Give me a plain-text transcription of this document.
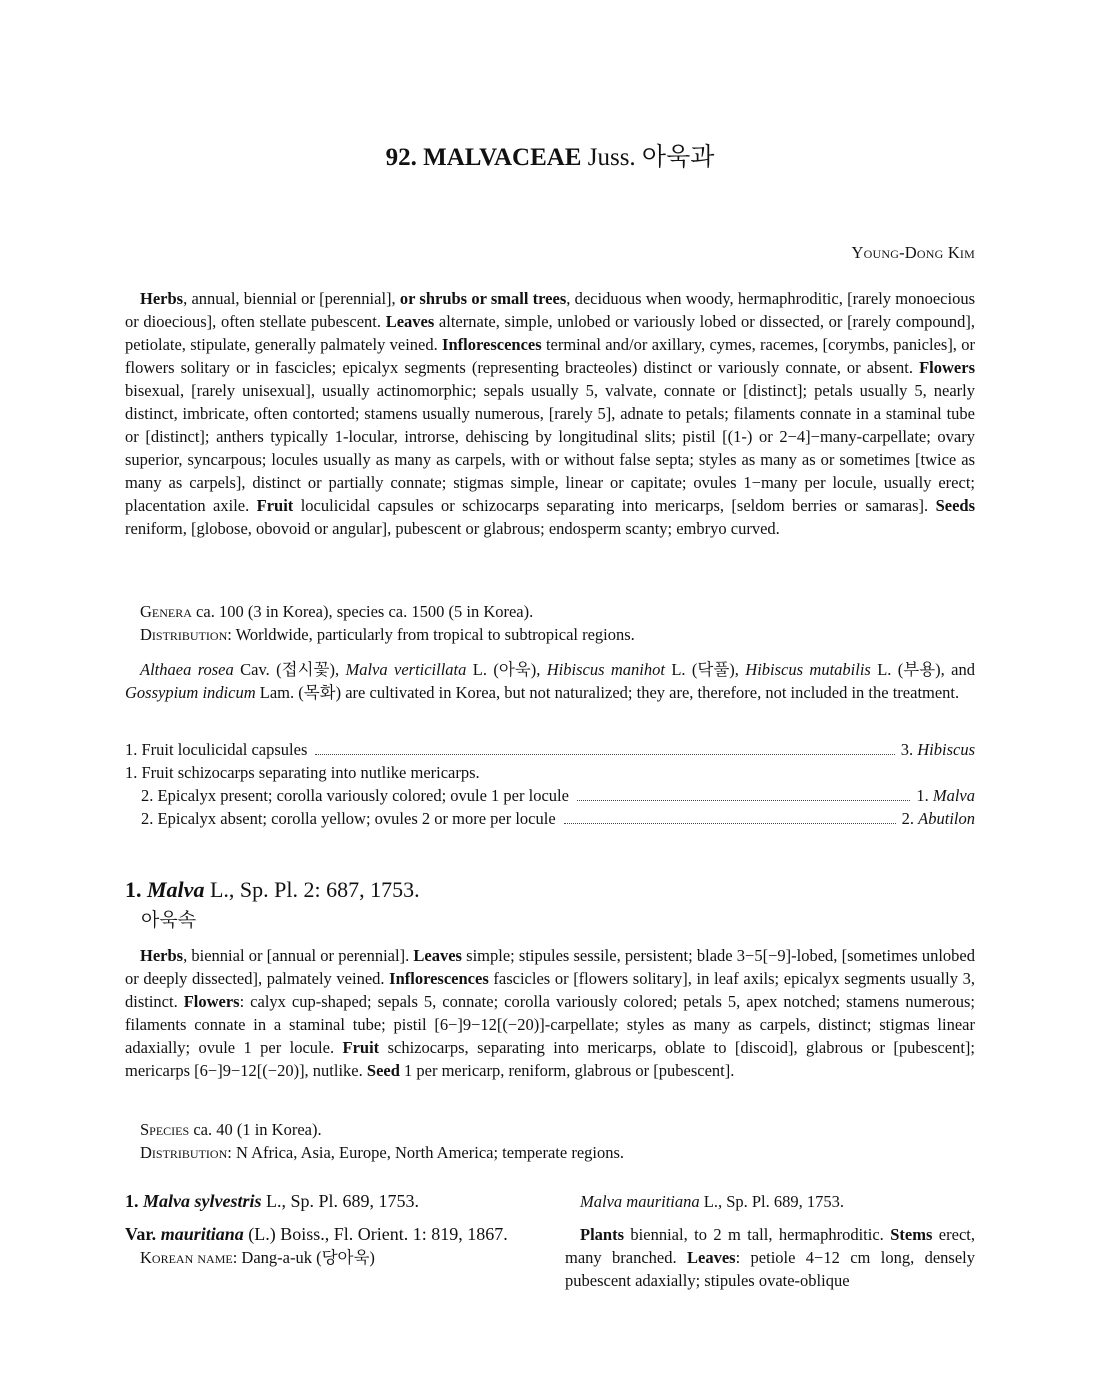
92. MALVACEAE Juss. 아욱과
Young-Dong Kim

Herbs, annual, biennial or [perennial], or shrubs or small trees, deciduous when woody, hermaphroditic, [rarely monoecious or dioecious], often stellate pubescent. Leaves alternate, simple, unlobed or variously lobed or dissected, or [rarely compound], petiolate, stipulate, generally palmately veined. Inflorescences terminal and/or axillary, cymes, racemes, [corymbs, panicles], or flowers solitary or in fascicles; epicalyx segments (representing bracteoles) distinct or variously connate, or absent. Flowers bisexual, [rarely unisexual], usually actinomorphic; sepals usually 5, valvate, connate or [distinct]; petals usually 5, nearly distinct, imbricate, often contorted; stamens usually numerous, [rarely 5], adnate to petals; filaments connate in a staminal tube or [distinct]; anthers typically 1-locular, introrse, dehiscing by longitudinal slits; pistil [(1-) or 2−4]−many-carpellate; ovary superior, syncarpous; locules usually as many as carpels, with or without false septa; styles as many as or sometimes [twice as many as carpels], distinct or partially connate; stigmas simple, linear or capitate; ovules 1−many per locule, usually erect; placentation axile. Fruit loculicidal capsules or schizocarps separating into mericarps, [seldom berries or samaras]. Seeds reniform, [globose, obovoid or angular], pubescent or glabrous; endosperm scanty; embryo curved.

Genera ca. 100 (3 in Korea), species ca. 1500 (5 in Korea).
Distribution: Worldwide, particularly from tropical to subtropical regions.

Althaea rosea Cav. (접시꽃), Malva verticillata L. (아욱), Hibiscus manihot L. (닥풀), Hibiscus mutabilis L. (부용), and Gossypium indicum Lam. (목화) are cultivated in Korea, but not naturalized; they are, therefore, not included in the treatment.

1. Fruit loculicidal capsules	3. Hibiscus
1. Fruit schizocarps separating into nutlike mericarps.
2. Epicalyx present; corolla variously colored; ovule 1 per locule	1. Malva
2. Epicalyx absent; corolla yellow; ovules 2 or more per locule	2. Abutilon
1. Malva L., Sp. Pl. 2: 687, 1753.
아욱속

Herbs, biennial or [annual or perennial]. Leaves simple; stipules sessile, persistent; blade 3−5[−9]-lobed, [sometimes unlobed or deeply dissected], palmately veined. Inflorescences fascicles or [flowers solitary], in leaf axils; epicalyx segments usually 3, distinct. Flowers: calyx cup-shaped; sepals 5, connate; corolla variously colored; petals 5, apex notched; stamens numerous; filaments connate in a staminal tube; pistil [6−]9−12[(−20)]-carpellate; styles as many as carpels, distinct; stigmas linear adaxially; ovule 1 per locule. Fruit schizocarps, separating into mericarps, oblate to [discoid], glabrous or [pubescent]; mericarps [6−]9−12[(−20)], nutlike. Seed 1 per mericarp, reniform, glabrous or [pubescent].

Species ca. 40 (1 in Korea).
Distribution: N Africa, Asia, Europe, North America; temperate regions.
1. Malva sylvestris L., Sp. Pl. 689, 1753.
Var. mauritiana (L.) Boiss., Fl. Orient. 1: 819, 1867.
Korean name: Dang-a-uk (당아욱)
Malva mauritiana L., Sp. Pl. 689, 1753.

Plants biennial, to 2 m tall, hermaphroditic. Stems erect, many branched. Leaves: petiole 4−12 cm long, densely pubescent adaxially; stipules ovate-oblique
